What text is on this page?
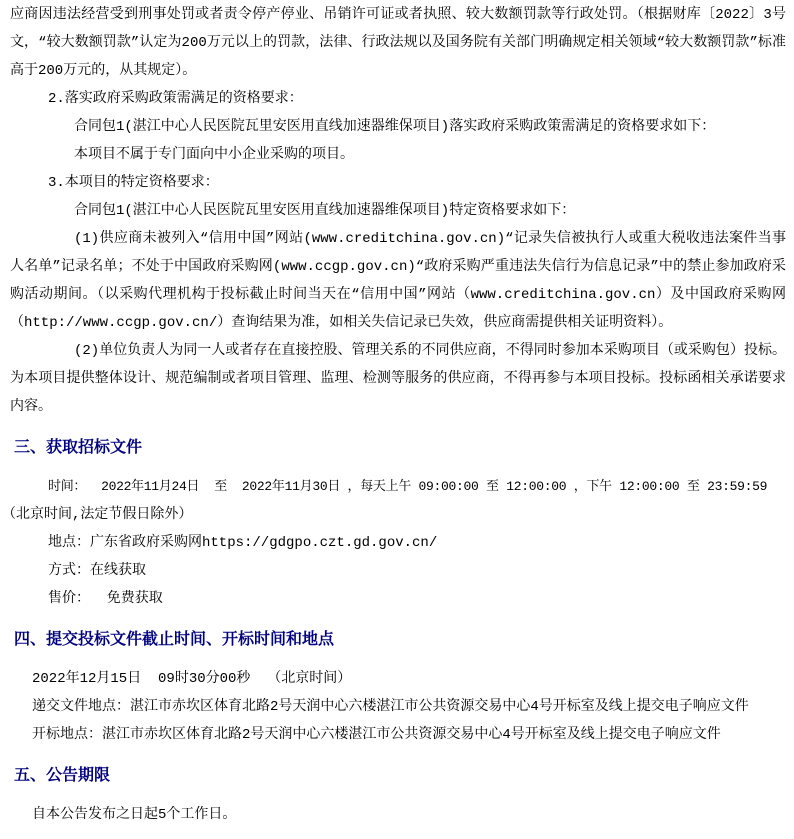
应商因违法经营受到刑事处罚或者责令停产停业、吊销许可证或者执照、较大数额罚款等行政处罚。（根据财库〔2022〕3号文，“较大数额罚款”认定为200万元以上的罚款，法律、行政法规以及国务院有关部门明确规定相关领域“较大数额罚款”标准高于200万元的，从其规定）。

2.落实政府采购政策需满足的资格要求：
合同包1(湛江中心人民医院瓦里安医用直线加速器维保项目)落实政府采购政策需满足的资格要求如下：
本项目不属于专门面向中小企业采购的项目。
3.本项目的特定资格要求：
合同包1(湛江中心人民医院瓦里安医用直线加速器维保项目)特定资格要求如下：

(1)供应商未被列入“信用中国”网站(www.creditchina.gov.cn)“记录失信被执行人或重大税收违法案件当事人名单”记录名单；不处于中国政府采购网(www.ccgp.gov.cn)“政府采购严重违法失信行为信息记录”中的禁止参加政府采购活动期间。（以采购代理机构于投标截止时间当天在“信用中国”网站（www.creditchina.gov.cn）及中国政府采购网（http://www.ccgp.gov.cn/）查询结果为准，如相关失信记录已失效，供应商需提供相关证明资料）。

(2)单位负责人为同一人或者存在直接控股、管理关系的不同供应商，不得同时参加本采购项目（或采购包）投标。为本项目提供整体设计、规范编制或者项目管理、监理、检测等服务的供应商，不得再参与本项目投标。投标函相关承诺要求内容。

三、获取招标文件
时间：  2022年11月24日  至  2022年11月30日 ，每天上午 09:00:00 至 12:00:00 ，下午 12:00:00 至 23:59:59
（北京时间,法定节假日除外）
地点：广东省政府采购网https://gdgpo.czt.gd.gov.cn/
方式：在线获取
售价：  免费获取
四、提交投标文件截止时间、开标时间和地点
2022年12月15日  09时30分00秒  （北京时间）
递交文件地点：湛江市赤坎区体育北路2号天润中心六楼湛江市公共资源交易中心4号开标室及线上提交电子响应文件
开标地点：湛江市赤坎区体育北路2号天润中心六楼湛江市公共资源交易中心4号开标室及线上提交电子响应文件
五、公告期限
自本公告发布之日起5个工作日。
